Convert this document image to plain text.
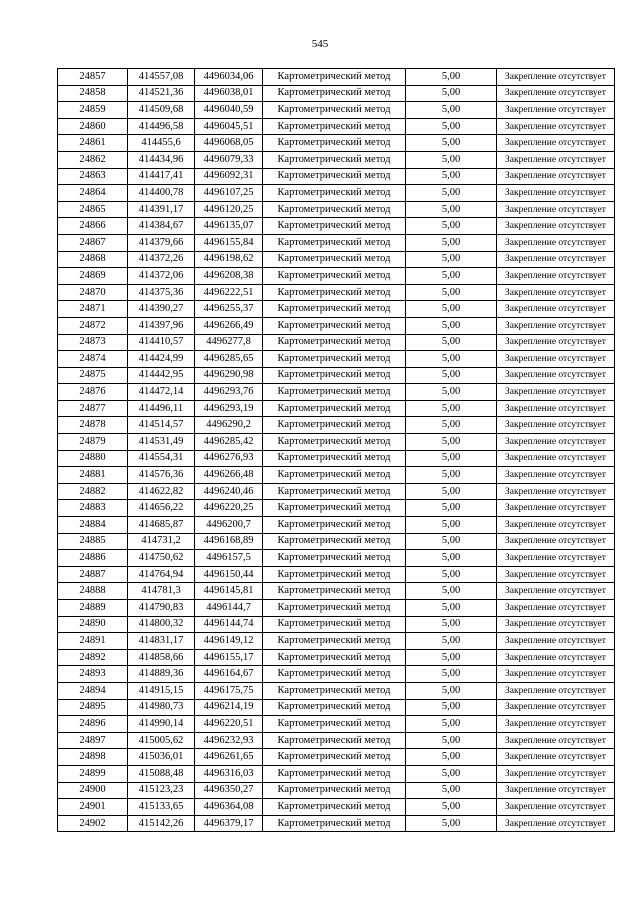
545
24857	414557,08	4496034,06	Картометрический метод	5,00	Закрепление отсутствует
24858	414521,36	4496038,01	Картометрический метод	5,00	Закрепление отсутствует
24859	414509,68	4496040,59	Картометрический метод	5,00	Закрепление отсутствует
24860	414496,58	4496045,51	Картометрический метод	5,00	Закрепление отсутствует
24861	414455,6	4496068,05	Картометрический метод	5,00	Закрепление отсутствует
24862	414434,96	4496079,33	Картометрический метод	5,00	Закрепление отсутствует
24863	414417,41	4496092,31	Картометрический метод	5,00	Закрепление отсутствует
24864	414400,78	4496107,25	Картометрический метод	5,00	Закрепление отсутствует
24865	414391,17	4496120,25	Картометрический метод	5,00	Закрепление отсутствует
24866	414384,67	4496135,07	Картометрический метод	5,00	Закрепление отсутствует
24867	414379,66	4496155,84	Картометрический метод	5,00	Закрепление отсутствует
24868	414372,26	4496198,62	Картометрический метод	5,00	Закрепление отсутствует
24869	414372,06	4496208,38	Картометрический метод	5,00	Закрепление отсутствует
24870	414375,36	4496222,51	Картометрический метод	5,00	Закрепление отсутствует
24871	414390,27	4496255,37	Картометрический метод	5,00	Закрепление отсутствует
24872	414397,96	4496266,49	Картометрический метод	5,00	Закрепление отсутствует
24873	414410,57	4496277,8	Картометрический метод	5,00	Закрепление отсутствует
24874	414424,99	4496285,65	Картометрический метод	5,00	Закрепление отсутствует
24875	414442,95	4496290,98	Картометрический метод	5,00	Закрепление отсутствует
24876	414472,14	4496293,76	Картометрический метод	5,00	Закрепление отсутствует
24877	414496,11	4496293,19	Картометрический метод	5,00	Закрепление отсутствует
24878	414514,57	4496290,2	Картометрический метод	5,00	Закрепление отсутствует
24879	414531,49	4496285,42	Картометрический метод	5,00	Закрепление отсутствует
24880	414554,31	4496276,93	Картометрический метод	5,00	Закрепление отсутствует
24881	414576,36	4496266,48	Картометрический метод	5,00	Закрепление отсутствует
24882	414622,82	4496240,46	Картометрический метод	5,00	Закрепление отсутствует
24883	414656,22	4496220,25	Картометрический метод	5,00	Закрепление отсутствует
24884	414685,87	4496200,7	Картометрический метод	5,00	Закрепление отсутствует
24885	414731,2	4496168,89	Картометрический метод	5,00	Закрепление отсутствует
24886	414750,62	4496157,5	Картометрический метод	5,00	Закрепление отсутствует
24887	414764,94	4496150,44	Картометрический метод	5,00	Закрепление отсутствует
24888	414781,3	4496145,81	Картометрический метод	5,00	Закрепление отсутствует
24889	414790,83	4496144,7	Картометрический метод	5,00	Закрепление отсутствует
24890	414800,32	4496144,74	Картометрический метод	5,00	Закрепление отсутствует
24891	414831,17	4496149,12	Картометрический метод	5,00	Закрепление отсутствует
24892	414858,66	4496155,17	Картометрический метод	5,00	Закрепление отсутствует
24893	414889,36	4496164,67	Картометрический метод	5,00	Закрепление отсутствует
24894	414915,15	4496175,75	Картометрический метод	5,00	Закрепление отсутствует
24895	414980,73	4496214,19	Картометрический метод	5,00	Закрепление отсутствует
24896	414990,14	4496220,51	Картометрический метод	5,00	Закрепление отсутствует
24897	415005,62	4496232,93	Картометрический метод	5,00	Закрепление отсутствует
24898	415036,01	4496261,65	Картометрический метод	5,00	Закрепление отсутствует
24899	415088,48	4496316,03	Картометрический метод	5,00	Закрепление отсутствует
24900	415123,23	4496350,27	Картометрический метод	5,00	Закрепление отсутствует
24901	415133,65	4496364,08	Картометрический метод	5,00	Закрепление отсутствует
24902	415142,26	4496379,17	Картометрический метод	5,00	Закрепление отсутствует
